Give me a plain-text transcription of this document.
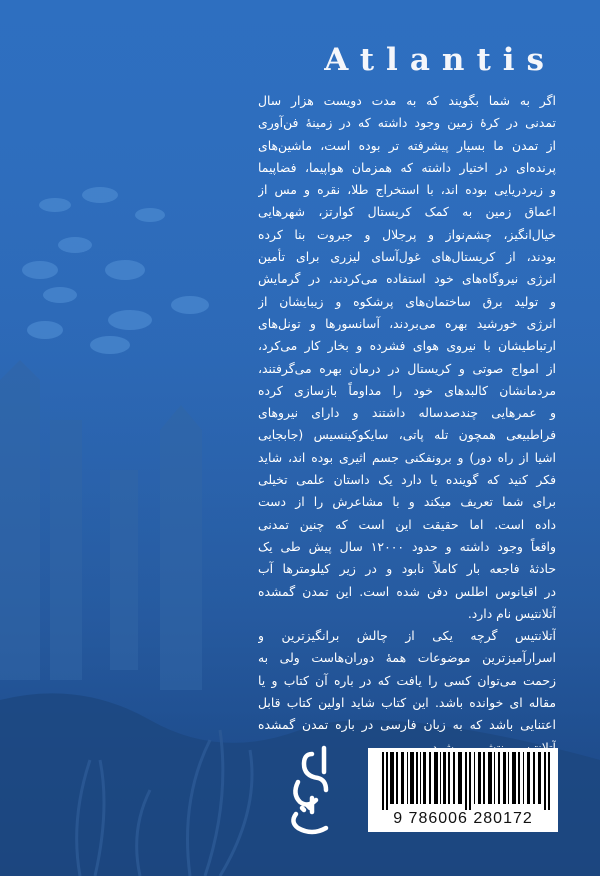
Atlantis
اگر به شما بگویند که به مدت دویست هزار سال
تمدنی در کرهٔ زمین وجود داشته که در زمینهٔ فن‌آوری
از تمدن ما بسیار پیشرفته تر بوده است، ماشین‌های
پرنده‌ای در اختیار داشته که همزمان هواپیما، فضاپیما
و زیردریایی بوده اند، با استخراج طلا، نقره و مس از
اعماق زمین به کمک کریستال کوارتز، شهرهایی
خیال‌انگیز، چشم‌نواز و پرجلال و جبروت بنا کرده
بودند، از کریستال‌های غول‌آسای لیزری برای تأمین
انرژی نیروگاه‌های خود استفاده می‌کردند، در گرمایش
و تولید برق ساختمان‌های پرشکوه و زیبایشان از
انرژی خورشید بهره می‌بردند، آسانسورها و تونل‌های
ارتباطیشان با نیروی هوای فشرده و بخار کار می‌کرد،
از امواج صوتی و کریستال در درمان بهره می‌گرفتند،
مردمانشان کالبدهای خود را مداوماً بازسازی کرده
و عمرهایی چندصدساله داشتند و دارای نیروهای
فراطبیعی همچون تله پاتی، سایکوکینسیس (جابجایی
اشیا از راه دور) و برونفکنی جسم اثیری بوده اند، شاید
فکر کنید که گوینده یا دارد یک داستان علمی تخیلی
برای شما تعریف میکند و با مشاعرش را از دست
داده است. اما حقیقت این است که چنین تمدنی
واقعاً وجود داشته و حدود ۱۲۰۰۰ سال پیش طی یک
حادثهٔ فاجعه بار کاملاً نابود و در زیر کیلومترها آب
در اقیانوس اطلس دفن شده است. این تمدن گمشده
آتلانتیس نام دارد.
آتلانتیس گرچه یکی از چالش برانگیزترین و
اسرارآمیزترین موضوعات همهٔ دوران‌هاست ولی به
زحمت می‌توان کسی را یافت که در باره آن کتاب و یا
مقاله ای خوانده باشد. این کتاب شاید اولین کتاب قابل
اعتنایی باشد که به زبان فارسی در باره تمدن گمشده
9 786006 280172
